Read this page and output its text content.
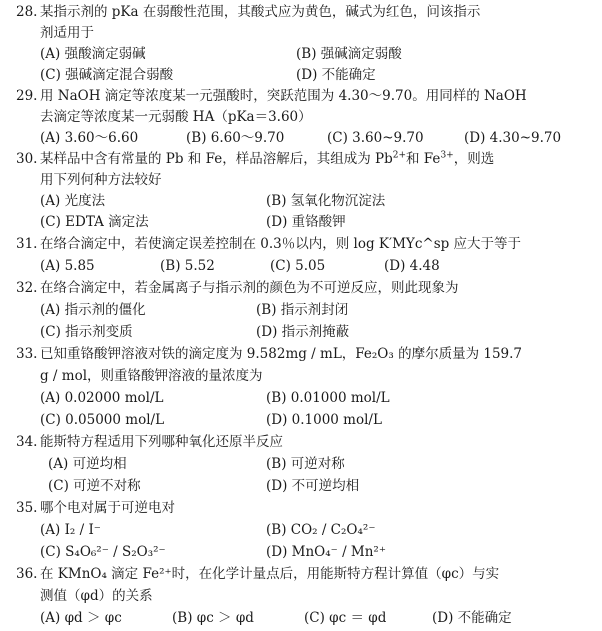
28. 某指示剂的 pKa 在弱酸性范围，其酸式应为黄色，碱式为红色，问该指示
剂适用于
(A) 强酸滴定弱碱	(B) 强碱滴定弱酸
(C) 强碱滴定混合弱酸	(D) 不能确定
29. 用 NaOH 滴定等浓度某一元强酸时，突跃范围为 4.30～9.70。用同样的 NaOH
去滴定等浓度某一元弱酸 HA（pKa＝3.60）
(A) 3.60～6.60	(B) 6.60～9.70	(C) 3.60~9.70	(D) 4.30~9.70
30. 某样品中含有常量的 Pb 和 Fe，样品溶解后，其组成为 $Pb^{2+}$和 $Fe^{3+}$，则选
用下列何种方法较好
(A) 光度法	(B) 氢氧化物沉淀法
(C) EDTA 滴定法	(D) 重铬酸钾
31. 在络合滴定中，若使滴定误差控制在 0.3％以内，则 log K′MYc^sp 应大于等于
(A) 5.85	(B) 5.52	(C) 5.05	(D) 4.48
32. 在络合滴定中，若金属离子与指示剂的颜色为不可逆反应，则此现象为
(A) 指示剂的僵化	(B) 指示剂封闭
(C) 指示剂变质	(D) 指示剂掩蔽
33. 已知重铬酸钾溶液对铁的滴定度为 9.582mg / mL，Fe₂O₃ 的摩尔质量为 159.7
g / mol，则重铬酸钾溶液的量浓度为
(A) 0.02000 mol/L	(B) 0.01000 mol/L
(C) 0.05000 mol/L	(D) 0.1000 mol/L
34. 能斯特方程适用下列哪种氧化还原半反应
(A) 可逆均相	(B) 可逆对称
(C) 可逆不对称	(D) 不可逆均相
35. 哪个电对属于可逆电对
(A) I₂ / I⁻	(B) CO₂ / C₂O₄²⁻
(C) S₄O₆²⁻ / S₂O₃²⁻	(D) MnO₄⁻ / Mn²⁺
36. 在 KMnO₄ 滴定 Fe²⁺时，在化学计量点后，用能斯特方程计算值（φc）与实
测值（φd）的关系
(A) φd ＞ φc	(B) φc ＞ φd	(C) φc ＝ φd	(D) 不能确定
